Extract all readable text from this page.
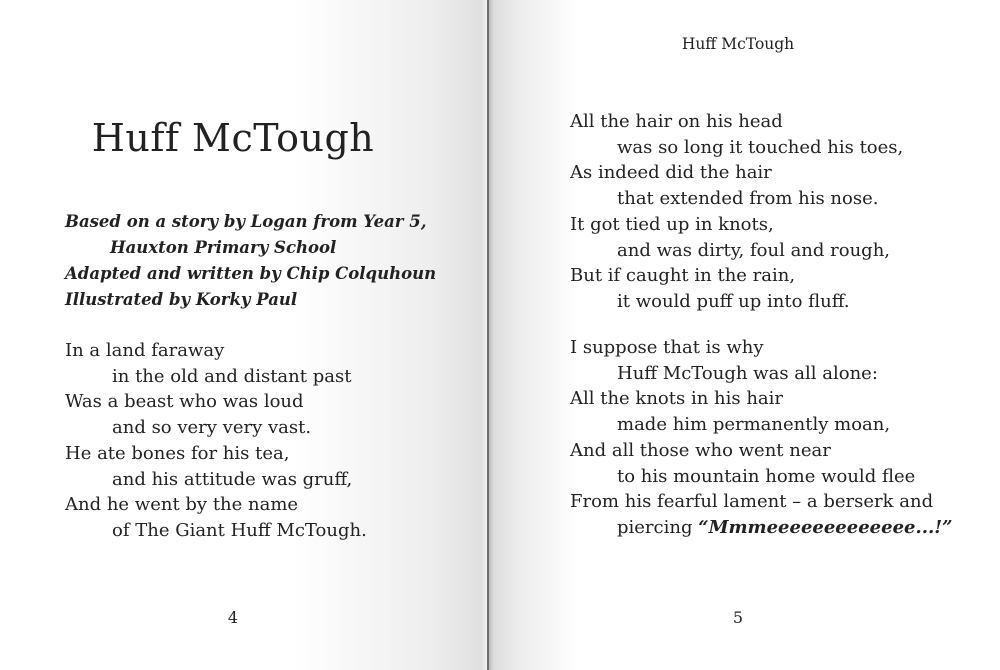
Huff McTough
Based on a story by Logan from Year 5,
Hauxton Primary School
Adapted and written by Chip Colquhoun
Illustrated by Korky Paul
In a land faraway
in the old and distant past
Was a beast who was loud
and so very very vast.
He ate bones for his tea,
and his attitude was gruff,
And he went by the name
of The Giant Huff McTough.
4
Huff McTough
All the hair on his head
was so long it touched his toes,
As indeed did the hair
that extended from his nose.
It got tied up in knots,
and was dirty, foul and rough,
But if caught in the rain,
it would puff up into fluff.
I suppose that is why
Huff McTough was all alone:
All the knots in his hair
made him permanently moan,
And all those who went near
to his mountain home would flee
From his fearful lament – a berserk and
piercing “Mmmeeeeeeeeeeeee...!”
5
